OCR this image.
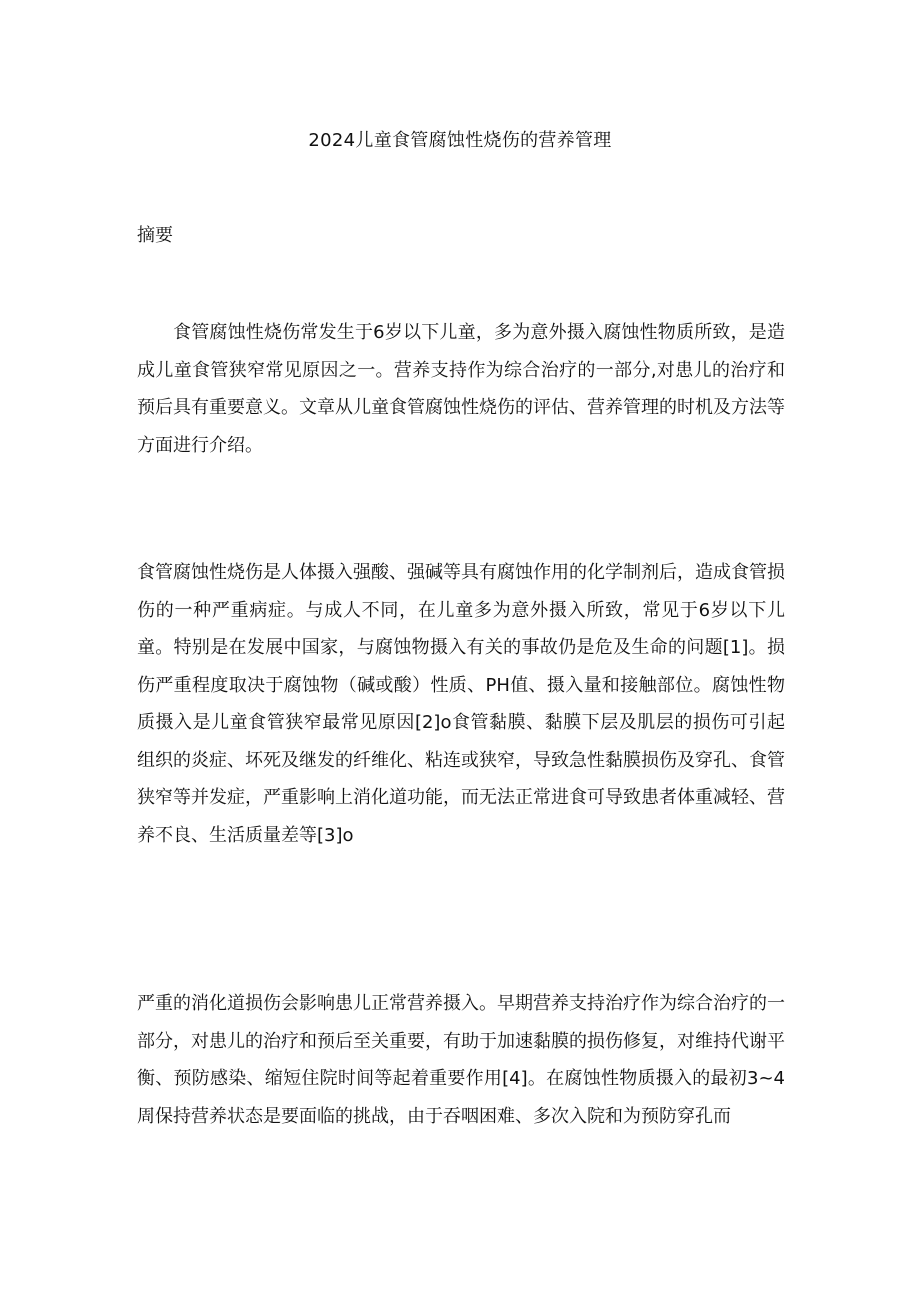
2024儿童食管腐蚀性烧伤的营养管理
摘要

食管腐蚀性烧伤常发生于6岁以下儿童，多为意外摄入腐蚀性物质所致，是造成儿童食管狭窄常见原因之一。营养支持作为综合治疗的一部分,对患儿的治疗和预后具有重要意义。文章从儿童食管腐蚀性烧伤的评估、营养管理的时机及方法等方面进行介绍。

食管腐蚀性烧伤是人体摄入强酸、强碱等具有腐蚀作用的化学制剂后，造成食管损伤的一种严重病症。与成人不同，在儿童多为意外摄入所致，常见于6岁以下儿童。特别是在发展中国家，与腐蚀物摄入有关的事故仍是危及生命的问题[1]。损伤严重程度取决于腐蚀物（碱或酸）性质、PH值、摄入量和接触部位。腐蚀性物质摄入是儿童食管狭窄最常见原因[2]o食管黏膜、黏膜下层及肌层的损伤可引起组织的炎症、坏死及继发的纤维化、粘连或狭窄，导致急性黏膜损伤及穿孔、食管狭窄等并发症，严重影响上消化道功能，而无法正常进食可导致患者体重减轻、营养不良、生活质量差等[3]o

严重的消化道损伤会影响患儿正常营养摄入。早期营养支持治疗作为综合治疗的一部分，对患儿的治疗和预后至关重要，有助于加速黏膜的损伤修复，对维持代谢平衡、预防感染、缩短住院时间等起着重要作用[4]。在腐蚀性物质摄入的最初3~4周保持营养状态是要面临的挑战，由于吞咽困难、多次入院和为预防穿孔而
